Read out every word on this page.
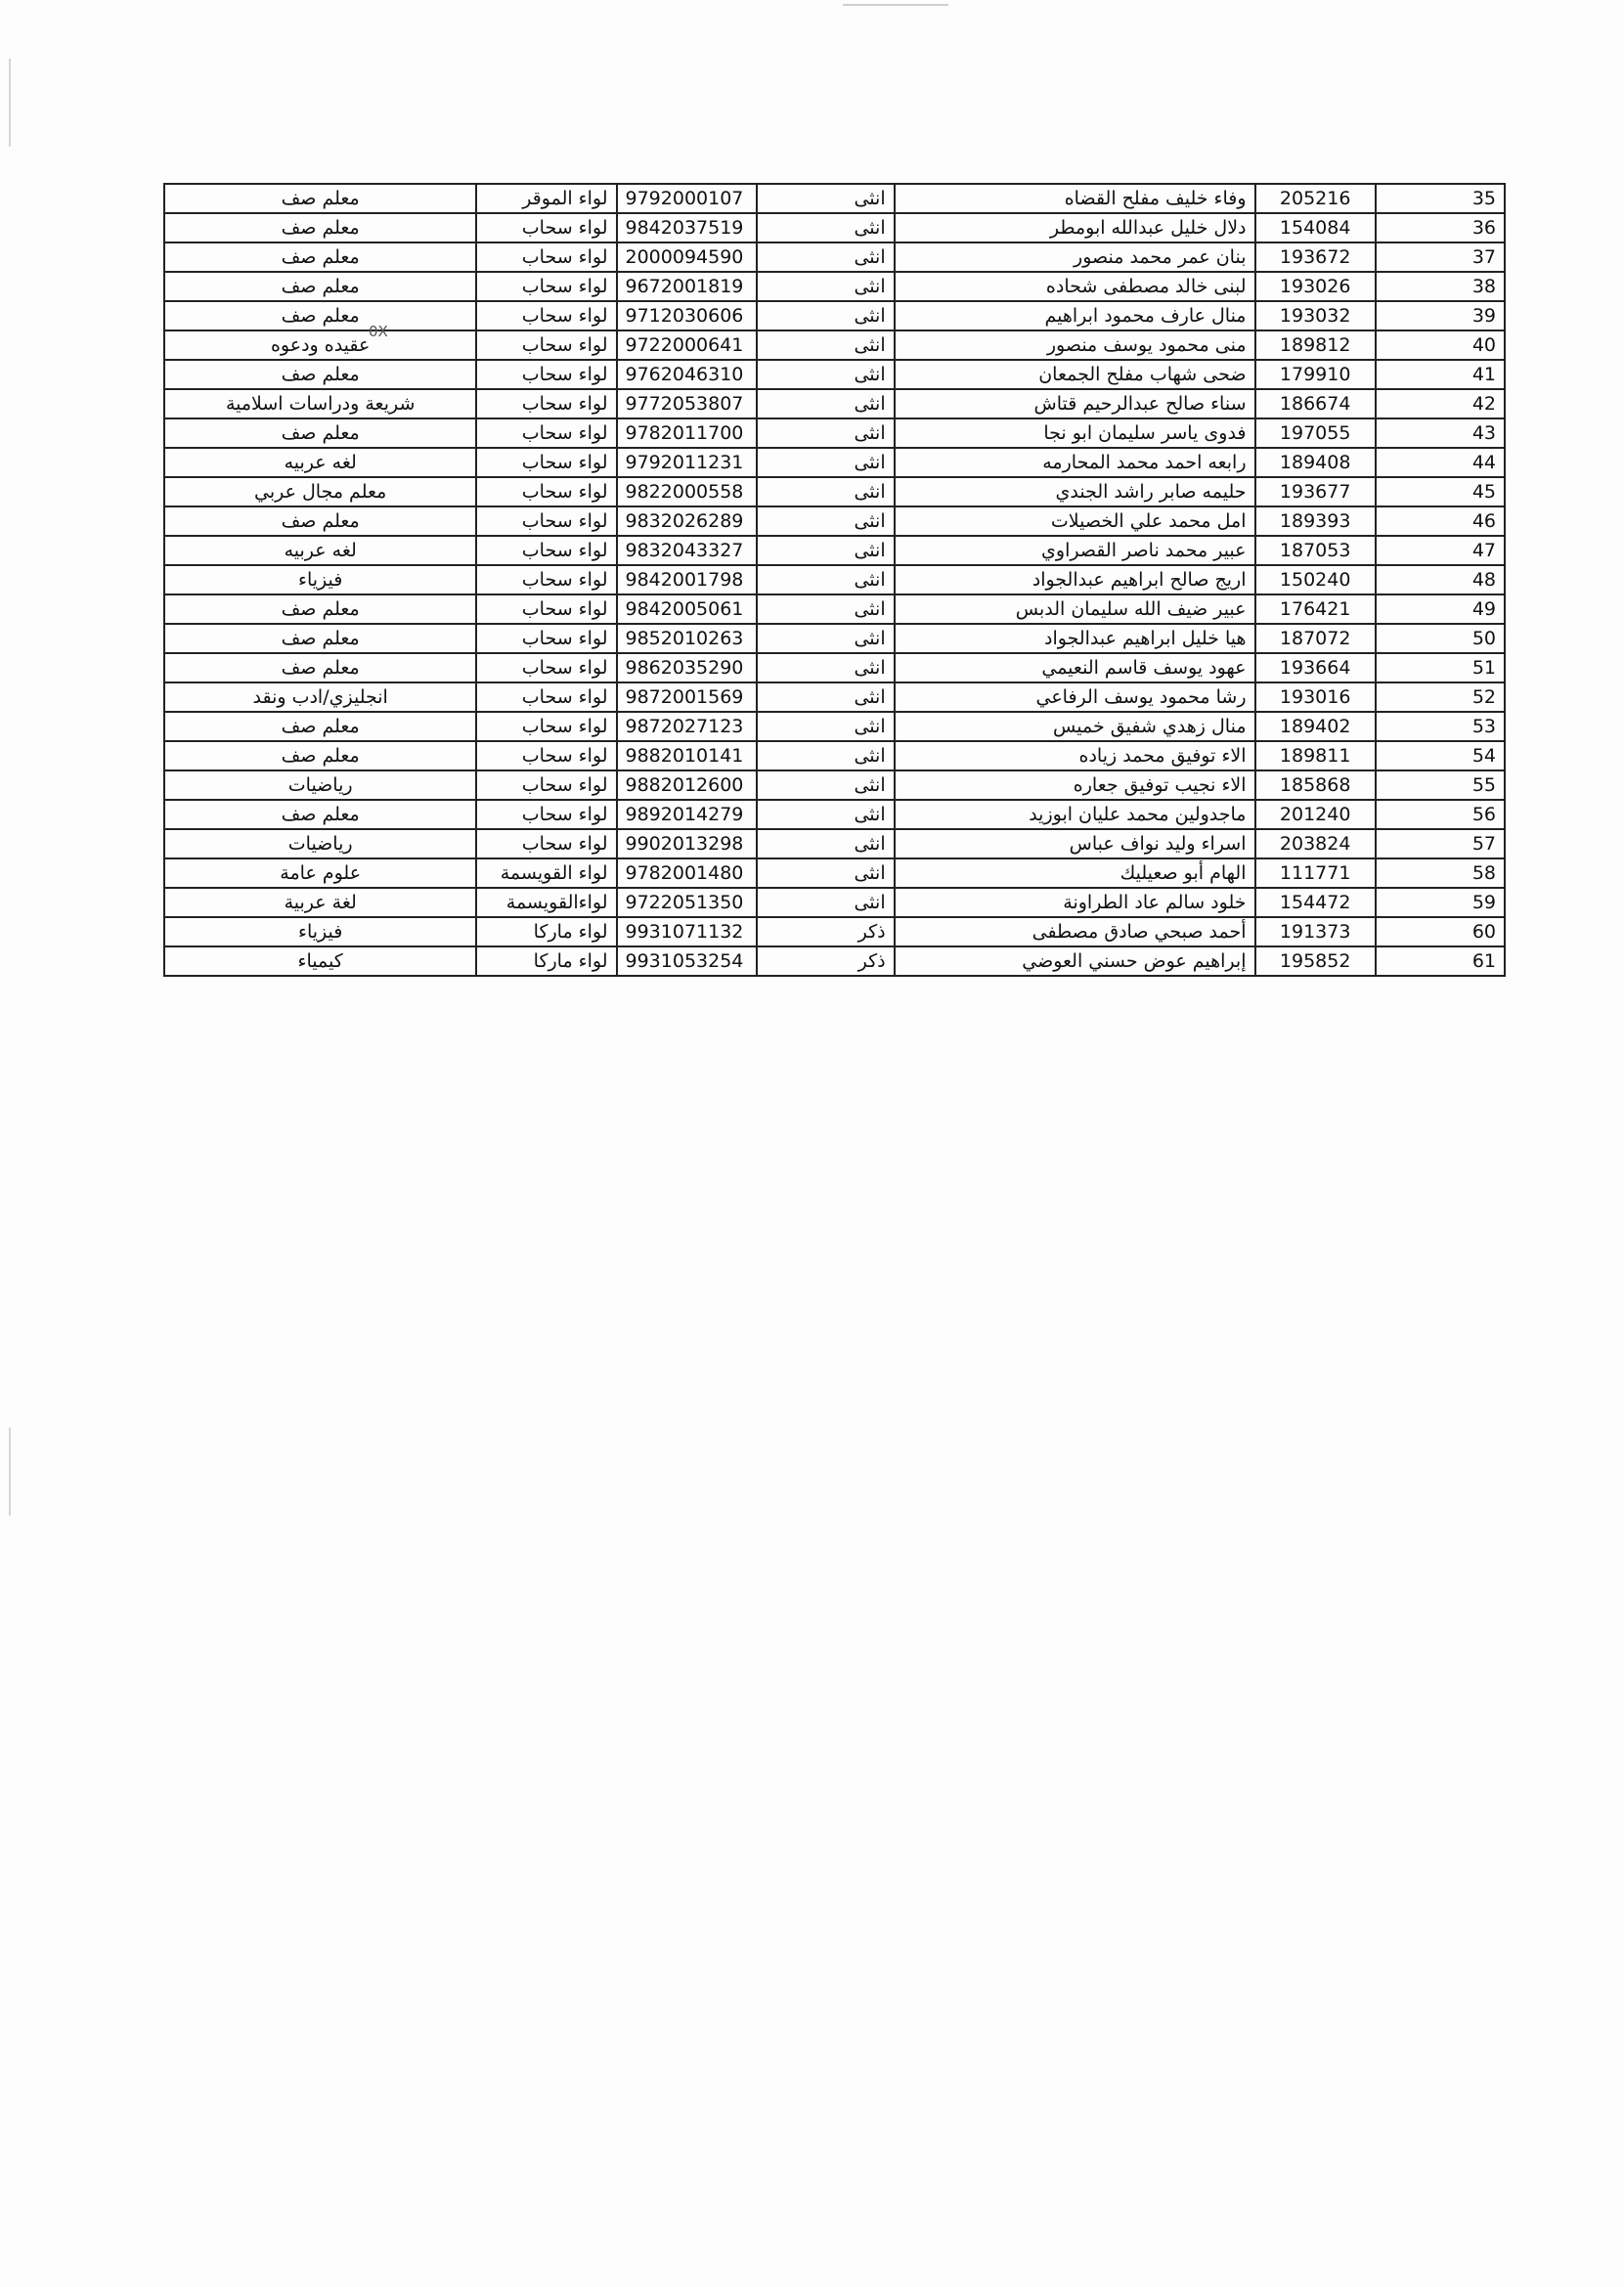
معلم صف	لواء الموقر	9792000107	انثى	وفاء خليف مفلح القضاه	205216	35
معلم صف	لواء سحاب	9842037519	انثى	دلال خليل عبدالله ابومطر	154084	36
معلم صف	لواء سحاب	2000094590	انثى	بنان عمر محمد منصور	193672	37
معلم صف	لواء سحاب	9672001819	انثى	لبنى خالد مصطفى شحاده	193026	38
معلم صف	لواء سحاب	9712030606	انثى	منال عارف محمود ابراهيم	193032	39
عقيده ودعوه	لواء سحاب	9722000641	انثى	منى محمود يوسف منصور	189812	40
معلم صف	لواء سحاب	9762046310	انثى	ضحى شهاب مفلح الجمعان	179910	41
شريعة ودراسات اسلامية	لواء سحاب	9772053807	انثى	سناء صالح عبدالرحيم قتاش	186674	42
معلم صف	لواء سحاب	9782011700	انثى	فدوى ياسر سليمان ابو نجا	197055	43
لغه عربيه	لواء سحاب	9792011231	انثى	رابعه احمد محمد المحارمه	189408	44
معلم مجال عربي	لواء سحاب	9822000558	انثى	حليمه صابر راشد الجندي	193677	45
معلم صف	لواء سحاب	9832026289	انثى	امل محمد علي الخصيلات	189393	46
لغه عربيه	لواء سحاب	9832043327	انثى	عبير محمد ناصر القصراوي	187053	47
فيزياء	لواء سحاب	9842001798	انثى	اريج صالح ابراهيم عبدالجواد	150240	48
معلم صف	لواء سحاب	9842005061	انثى	عبير ضيف الله سليمان الدبس	176421	49
معلم صف	لواء سحاب	9852010263	انثى	هيا خليل ابراهيم عبدالجواد	187072	50
معلم صف	لواء سحاب	9862035290	انثى	عهود يوسف قاسم النعيمي	193664	51
انجليزي/ادب ونقد	لواء سحاب	9872001569	انثى	رشا محمود يوسف الرفاعي	193016	52
معلم صف	لواء سحاب	9872027123	انثى	منال زهدي شفيق خميس	189402	53
معلم صف	لواء سحاب	9882010141	انثى	الاء توفيق محمد زياده	189811	54
رياضيات	لواء سحاب	9882012600	انثى	الاء نجيب توفيق جعاره	185868	55
معلم صف	لواء سحاب	9892014279	انثى	ماجدولين محمد عليان ابوزيد	201240	56
رياضيات	لواء سحاب	9902013298	انثى	اسراء وليد نواف عباس	203824	57
علوم عامة	لواء القويسمة	9782001480	انثى	الهام أبو صعيليك	111771	58
لغة عربية	لواءالقويسمة	9722051350	انثى	خلود سالم عاد الطراونة	154472	59
فيزياء	لواء ماركا	9931071132	ذكر	أحمد صبحي صادق مصطفى	191373	60
كيمياء	لواء ماركا	9931053254	ذكر	إبراهيم عوض حسني العوضي	195852	61
0X
